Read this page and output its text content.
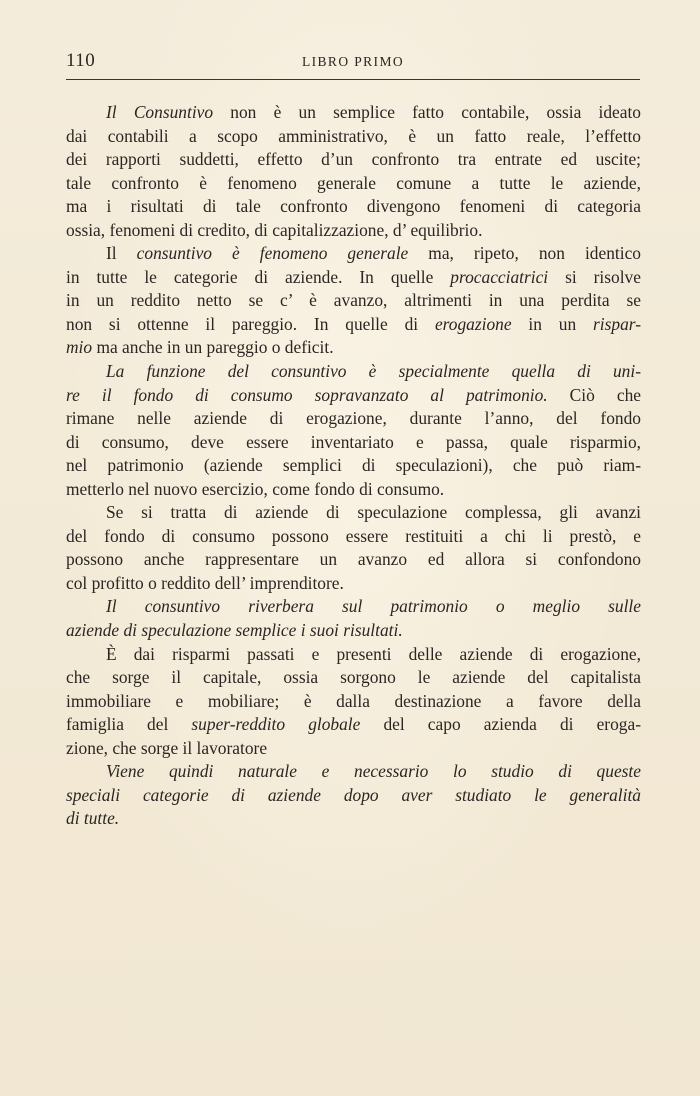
110	LIBRO PRIMO
Il Consuntivo non è un semplice fatto contabile, ossia ideato
dai contabili a scopo amministrativo, è un fatto reale, l’effetto
dei rapporti suddetti, effetto d’un confronto tra entrate ed uscite;
tale confronto è fenomeno generale comune a tutte le aziende,
ma i risultati di tale confronto divengono fenomeni di categoria
ossia, fenomeni di credito, di capitalizzazione, d’ equilibrio.
Il consuntivo è fenomeno generale ma, ripeto, non identico
in tutte le categorie di aziende. In quelle procacciatrici si risolve
in un reddito netto se c’ è avanzo, altrimenti in una perdita se
non si ottenne il pareggio. In quelle di erogazione in un rispar-
mio ma anche in un pareggio o deficit.
La funzione del consuntivo è specialmente quella di uni-
re il fondo di consumo sopravanzato al patrimonio. Ciò che
rimane nelle aziende di erogazione, durante l’anno, del fondo
di consumo, deve essere inventariato e passa, quale risparmio,
nel patrimonio (aziende semplici di speculazioni), che può riam-
metterlo nel nuovo esercizio, come fondo di consumo.
Se si tratta di aziende di speculazione complessa, gli avanzi
del fondo di consumo possono essere restituiti a chi li prestò, e
possono anche rappresentare un avanzo ed allora si confondono
col profitto o reddito dell’ imprenditore.
Il consuntivo riverbera sul patrimonio o meglio sulle
aziende di speculazione semplice i suoi risultati.
È dai risparmi passati e presenti delle aziende di erogazione,
che sorge il capitale, ossia sorgono le aziende del capitalista
immobiliare e mobiliare; è dalla destinazione a favore della
famiglia del super-reddito globale del capo azienda di eroga-
zione, che sorge il lavoratore
Viene quindi naturale e necessario lo studio di queste
speciali categorie di aziende dopo aver studiato le generalità
di tutte.
